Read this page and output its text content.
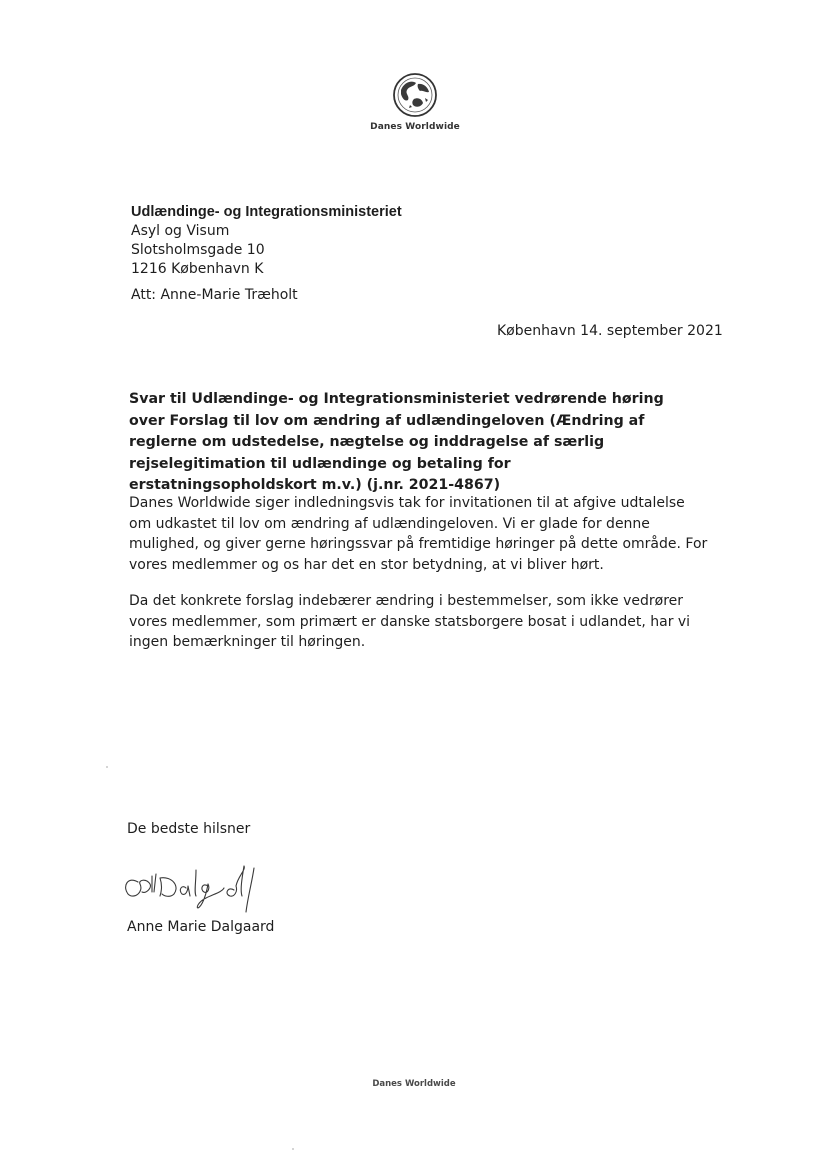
Danes Worldwide
Udlændinge- og Integrationsministeriet
Asyl og Visum
Slotsholmsgade 10
1216 København K
Att: Anne-Marie Træholt
København 14. september 2021
Svar til Udlændinge- og Integrationsministeriet vedrørende høring over Forslag til lov om ændring af udlændingeloven (Ændring af reglerne om udstedelse, nægtelse og inddragelse af særlig rejselegitimation til udlændinge og betaling for erstatningsopholdskort m.v.) (j.nr. 2021-4867)
Danes Worldwide siger indledningsvis tak for invitationen til at afgive udtalelse om udkastet til lov om ændring af udlændingeloven. Vi er glade for denne mulighed, og giver gerne høringssvar på fremtidige høringer på dette område. For vores medlemmer og os har det en stor betydning, at vi bliver hørt.
Da det konkrete forslag indebærer ændring i bestemmelser, som ikke vedrører vores medlemmer, som primært er danske statsborgere bosat i udlandet, har vi ingen bemærkninger til høringen.
De bedste hilsner
Anne Marie Dalgaard
Danes Worldwide
